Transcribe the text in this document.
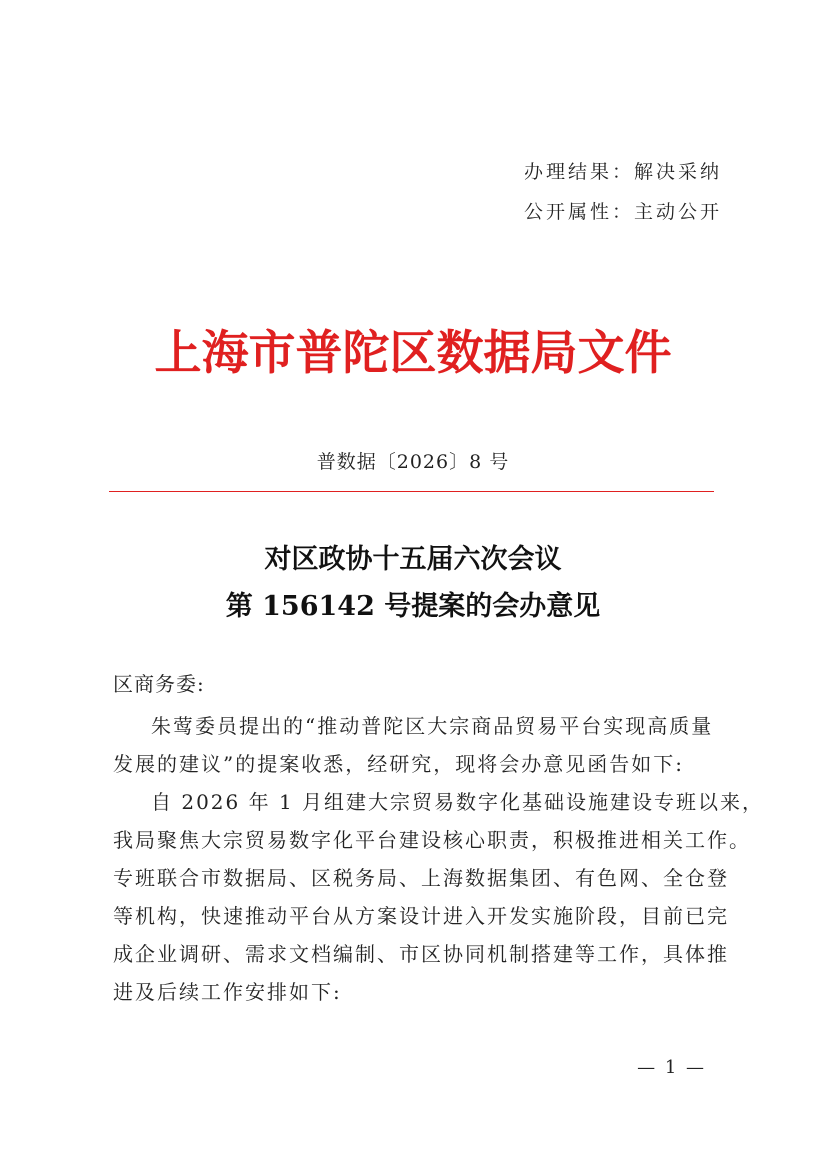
办理结果：解决采纳
公开属性：主动公开
上海市普陀区数据局文件
普数据〔2026〕8 号
对区政协十五届六次会议
第 156142 号提案的会办意见
区商务委:
朱莺委员提出的“推动普陀区大宗商品贸易平台实现高质量
发展的建议”的提案收悉，经研究，现将会办意见函告如下:
自 2026 年 1 月组建大宗贸易数字化基础设施建设专班以来，
我局聚焦大宗贸易数字化平台建设核心职责，积极推进相关工作。
专班联合市数据局、区税务局、上海数据集团、有色网、全仓登
等机构，快速推动平台从方案设计进入开发实施阶段，目前已完
成企业调研、需求文档编制、市区协同机制搭建等工作，具体推
进及后续工作安排如下:
— 1 —
